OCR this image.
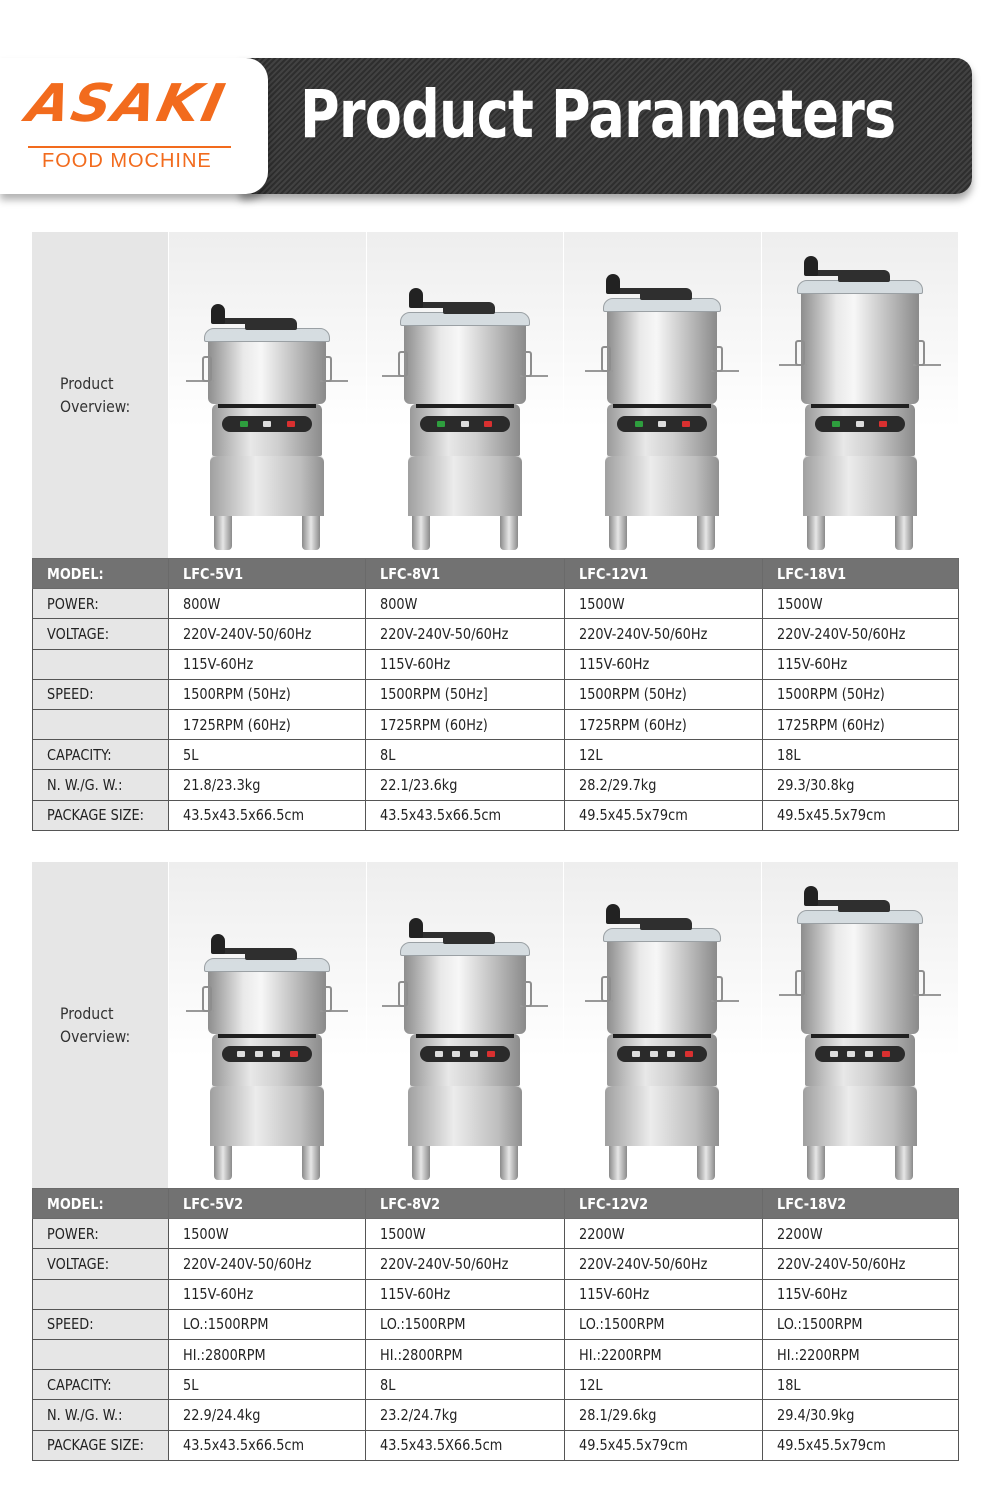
Product Parameters
ASAKI
FOOD MOCHINE
Product
Overview:
MODEL:	LFC-5V1	LFC-8V1	LFC-12V1	LFC-18V1
POWER:	800W	800W	1500W	1500W
VOLTAGE:	220V-240V-50/60Hz	220V-240V-50/60Hz	220V-240V-50/60Hz	220V-240V-50/60Hz
	115V-60Hz	115V-60Hz	115V-60Hz	115V-60Hz
SPEED:	1500RPM (50Hz)	1500RPM (50Hz]	1500RPM (50Hz)	1500RPM (50Hz)
	1725RPM (60Hz)	1725RPM (60Hz)	1725RPM (60Hz)	1725RPM (60Hz)
CAPACITY:	5L	8L	12L	18L
N. W./G. W.:	21.8/23.3kg	22.1/23.6kg	28.2/29.7kg	29.3/30.8kg
PACKAGE SIZE:	43.5x43.5x66.5cm	43.5x43.5x66.5cm	49.5x45.5x79cm	49.5x45.5x79cm
Product
Overview:
MODEL:	LFC-5V2	LFC-8V2	LFC-12V2	LFC-18V2
POWER:	1500W	1500W	2200W	2200W
VOLTAGE:	220V-240V-50/60Hz	220V-240V-50/60Hz	220V-240V-50/60Hz	220V-240V-50/60Hz
	115V-60Hz	115V-60Hz	115V-60Hz	115V-60Hz
SPEED:	LO.:1500RPM	LO.:1500RPM	LO.:1500RPM	LO.:1500RPM
	HI.:2800RPM	HI.:2800RPM	HI.:2200RPM	HI.:2200RPM
CAPACITY:	5L	8L	12L	18L
N. W./G. W.:	22.9/24.4kg	23.2/24.7kg	28.1/29.6kg	29.4/30.9kg
PACKAGE SIZE:	43.5x43.5x66.5cm	43.5x43.5X66.5cm	49.5x45.5x79cm	49.5x45.5x79cm
